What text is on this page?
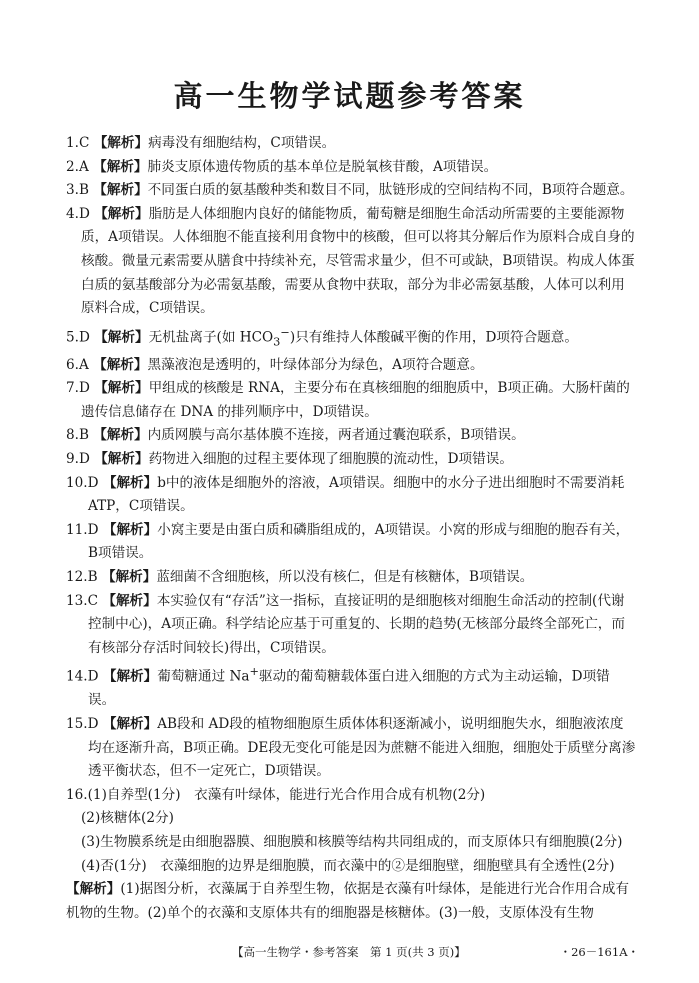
高一生物学试题参考答案

1.C 【解析】病毒没有细胞结构，C项错误。

2.A 【解析】肺炎支原体遗传物质的基本单位是脱氧核苷酸，A项错误。

3.B 【解析】不同蛋白质的氨基酸种类和数目不同，肽链形成的空间结构不同，B项符合题意。

4.D 【解析】脂肪是人体细胞内良好的储能物质，葡萄糖是细胞生命活动所需要的主要能源物质，A项错误。人体细胞不能直接利用食物中的核酸，但可以将其分解后作为原料合成自身的核酸。微量元素需要从膳食中持续补充，尽管需求量少，但不可或缺，B项错误。构成人体蛋白质的氨基酸部分为必需氨基酸，需要从食物中获取，部分为非必需氨基酸，人体可以利用原料合成，C项错误。

5.D 【解析】无机盐离子(如 $HCO_3^-$)只有维持人体酸碱平衡的作用，D项符合题意。

6.A 【解析】黑藻液泡是透明的，叶绿体部分为绿色，A项符合题意。

7.D 【解析】甲组成的核酸是 RNA，主要分布在真核细胞的细胞质中，B项正确。大肠杆菌的遗传信息储存在 DNA 的排列顺序中，D项错误。

8.B 【解析】内质网膜与高尔基体膜不连接，两者通过囊泡联系，B项错误。

9.D 【解析】药物进入细胞的过程主要体现了细胞膜的流动性，D项错误。

10.D 【解析】b中的液体是细胞外的溶液，A项错误。细胞中的水分子进出细胞时不需要消耗 ATP，C项错误。

11.D 【解析】小窝主要是由蛋白质和磷脂组成的，A项错误。小窝的形成与细胞的胞吞有关，B项错误。

12.B 【解析】蓝细菌不含细胞核，所以没有核仁，但是有核糖体，B项错误。

13.C 【解析】本实验仅有“存活”这一指标，直接证明的是细胞核对细胞生命活动的控制(代谢控制中心)，A项正确。科学结论应基于可重复的、长期的趋势(无核部分最终全部死亡，而有核部分存活时间较长)得出，C项错误。

14.D 【解析】葡萄糖通过 Na+驱动的葡萄糖载体蛋白进入细胞的方式为主动运输，D项错误。

15.D 【解析】AB段和 AD段的植物细胞原生质体体积逐渐减小，说明细胞失水，细胞液浓度均在逐渐升高，B项正确。DE段无变化可能是因为蔗糖不能进入细胞，细胞处于质壁分离渗透平衡状态，但不一定死亡，D项错误。

16.(1)自养型(1分)　衣藻有叶绿体，能进行光合作用合成有机物(2分)

(2)核糖体(2分)

(3)生物膜系统是由细胞器膜、细胞膜和核膜等结构共同组成的，而支原体只有细胞膜(2分)

(4)否(1分)　衣藻细胞的边界是细胞膜，而衣藻中的②是细胞壁，细胞壁具有全透性(2分)

【解析】(1)据图分析，衣藻属于自养型生物，依据是衣藻有叶绿体，是能进行光合作用合成有机物的生物。(2)单个的衣藻和支原体共有的细胞器是核糖体。(3)一般，支原体没有生物

【高一生物学・参考答案　第 1 页(共 3 页)】	・26－161A・
